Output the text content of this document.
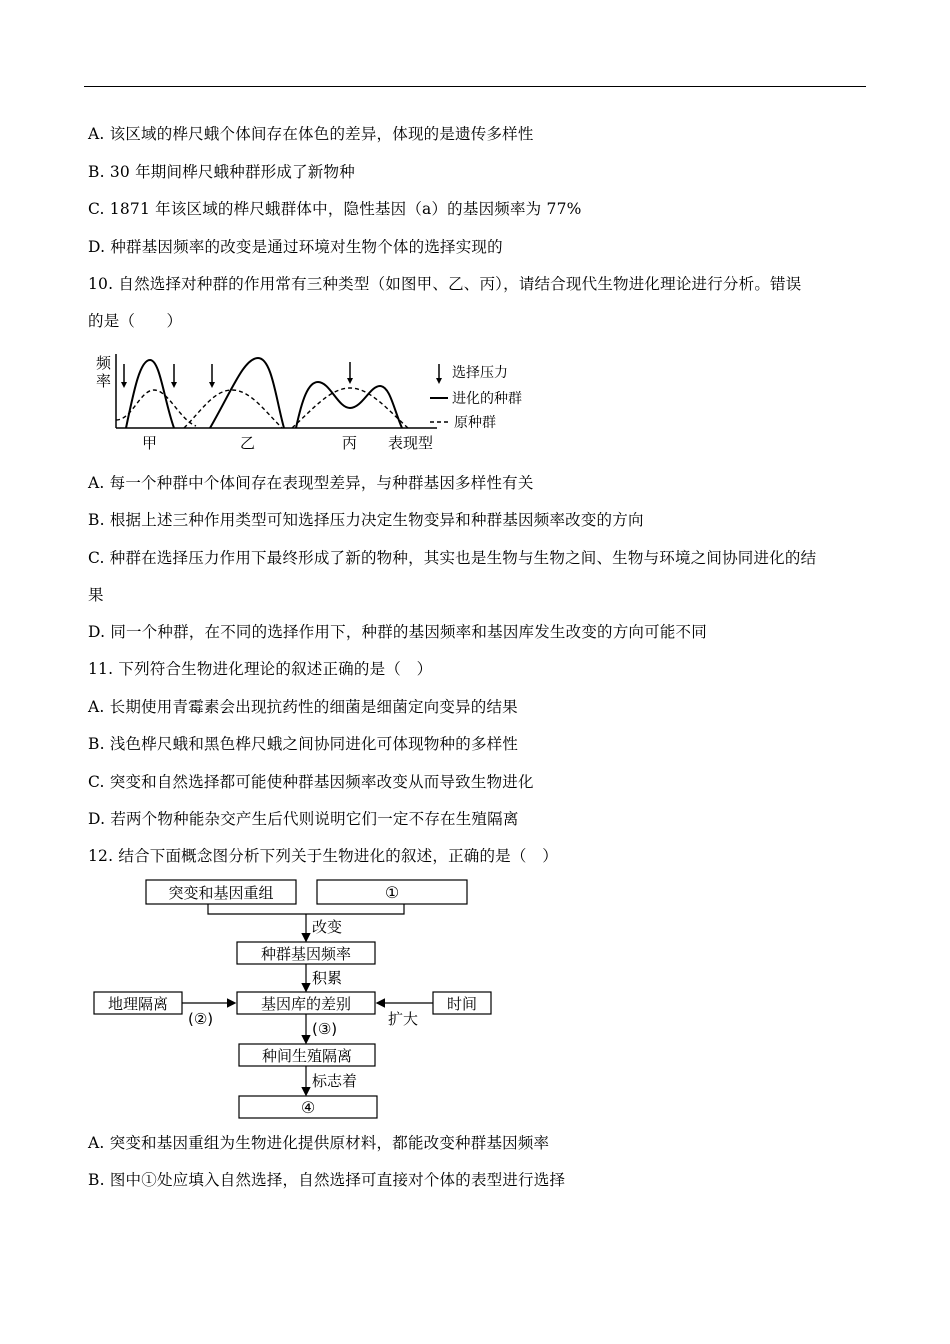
A. 该区域的桦尺蛾个体间存在体色的差异，体现的是遗传多样性
B. 30 年期间桦尺蛾种群形成了新物种
C. 1871 年该区域的桦尺蛾群体中，隐性基因（a）的基因频率为 77%
D. 种群基因频率的改变是通过环境对生物个体的选择实现的
10. 自然选择对种群的作用常有三种类型（如图甲、乙、丙），请结合现代生物进化理论进行分析。错误
的是（　　）
频
率
甲	乙	丙 表现型
选择压力
进化的种群
原种群
A. 每一个种群中个体间存在表现型差异，与种群基因多样性有关
B. 根据上述三种作用类型可知选择压力决定生物变异和种群基因频率改变的方向
C. 种群在选择压力作用下最终形成了新的物种，其实也是生物与生物之间、生物与环境之间协同进化的结
果
D. 同一个种群，在不同的选择作用下，种群的基因频率和基因库发生改变的方向可能不同
11. 下列符合生物进化理论的叙述正确的是（　）
A. 长期使用青霉素会出现抗药性的细菌是细菌定向变异的结果
B. 浅色桦尺蛾和黑色桦尺蛾之间协同进化可体现物种的多样性
C. 突变和自然选择都可能使种群基因频率改变从而导致生物进化
D. 若两个物种能杂交产生后代则说明它们一定不存在生殖隔离
12. 结合下面概念图分析下列关于生物进化的叙述，正确的是（　）
突变和基因重组	①
改变
种群基因频率
积累
地理隔离
(②)
基因库的差别	时间
扩大
(③)
种间生殖隔离
标志着
④
A. 突变和基因重组为生物进化提供原材料，都能改变种群基因频率
B. 图中①处应填入自然选择，自然选择可直接对个体的表型进行选择
